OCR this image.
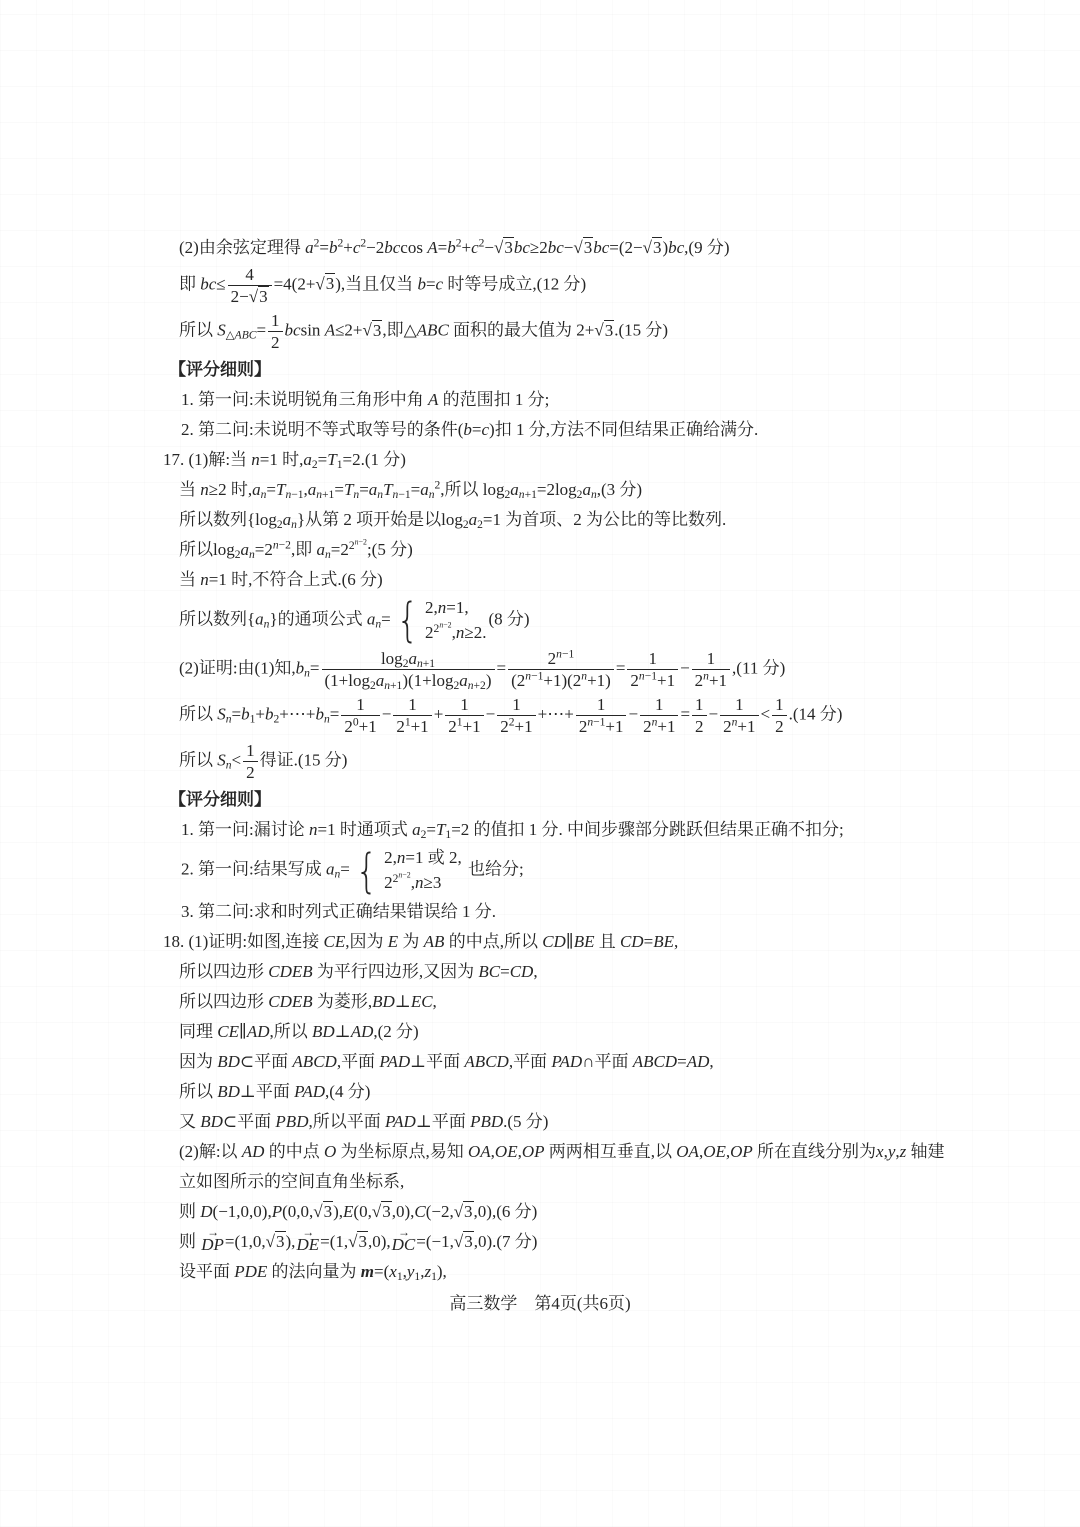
(2)由余弦定理得 $a^2=b^2+c^2-2bccos$ $A=b^2+c^2-√3bc\ge 2bc-√3bc=(2-√3)bc,(9$ 分)
即 $bc\le \frac{4}{2-√3} =4(2+√3)$,当且仅当 b=c 时等号成立,(12 分)
所以 $S_{\triangle ABC}= \frac{1}{2}$ bcsin A≤2+√3,即△ABC 面积的最大值为 2+√3.(15 分)
【评分细则】
1. 第一问:未说明锐角三角形中角 A 的范围扣 1 分;
2. 第二问:未说明不等式取等号的条件(b=c)扣 1 分,方法不同但结果正确给满分.
17. (1)解:当 n=1 时$,a_2=T_1=2.(1$ 分)
当 n≥2 时$,a_n=T_{n-1},a_{n+1}=T_n=a_nT_{n-1}=a_n^2$,所以 $\log_2a_{n+1}=2\log_2a_n,(3$ 分)
所以数列$\{\log_2a_n\}$从第 2 项开始是以$\log_2a_2=1$ 为首项、2 为公比的等比数列.
所以$\log_2a_n=2^{n-2}$,即 $a_n=2^{2^{n-2}};(5$ 分)
当 n=1 时,不符合上式.(6 分)
所以数列$\{a_n\}$的通项公式 $a_n=$ { 2,n=1,
$2^{2^{n-2}},n\ge 2$.
(8 分)
(2)证明:由(1)知$,b_n= \frac{\log_2a_{n+1}}{(1+\log_2a_{n+1})(1+\log_2a_{n+2})} = \frac{2^{n-1}}{(2^{n-1}+1)(2^n+1)} = \frac{1}{2^{n-1}+1} - \frac{1}{2^n+1} ,(11$ 分)
所以 $S_n=b_1+b_2+\cdots+b_n= \frac{1}{2^0+1} - \frac{1}{2^1+1} + \frac{1}{2^1+1} - \frac{1}{2^2+1}$ +⋯+ $\frac{1}{2^{n-1}+1} - \frac{1}{2^n+1} = \frac{1}{2} - \frac{1}{2^n+1} < \frac{1}{2} .(14$ 分)
所以 $S_n< \frac{1}{2}$ 得证.(15 分)
【评分细则】
1. 第一问:漏讨论 n=1 时通项式 $a_2=T_1=2$ 的值扣 1 分. 中间步骤部分跳跃但结果正确不扣分;
2. 第一问:结果写成 $a_n=$ { 2,n=1 或 2,
$2^{2^{n-2}},n\ge 3$
也给分;
3. 第二问:求和时列式正确结果错误给 1 分.
18. (1)证明:如图,连接 CE,因为 E 为 AB 的中点,所以 CD∥BE 且 CD=BE,
所以四边形 CDEB 为平行四边形,又因为 BC=CD,
所以四边形 CDEB 为菱形,BD⊥EC,
同理 CE∥AD,所以 BD⊥AD,(2 分)
因为 BD⊂平面 ABCD,平面 PAD⊥平面 ABCD,平面 PAD∩平面 ABCD=AD,
所以 BD⊥平面 PAD,(4 分)
又 BD⊂平面 PBD,所以平面 PAD⊥平面 PBD.(5 分)
(2)解:以 AD 的中点 O 为坐标原点,易知 OA,OE,OP 两两相互垂直,以 OA,OE,OP 所在直线分别为x,y,z 轴建
立如图所示的空间直角坐标系,
则 D(−1,0,0),P(0,0,√3),E(0,√3,0),C(−2,√3,0),(6 分)
则 →
DP =(1,0,√3), →
DE =(1,√3,0), →
DC =(−1,√3,0).(7 分)
设平面 PDE 的法向量为 $m=(x_1,y_1,z_1)$,
高三数学　第4页(共6页)
